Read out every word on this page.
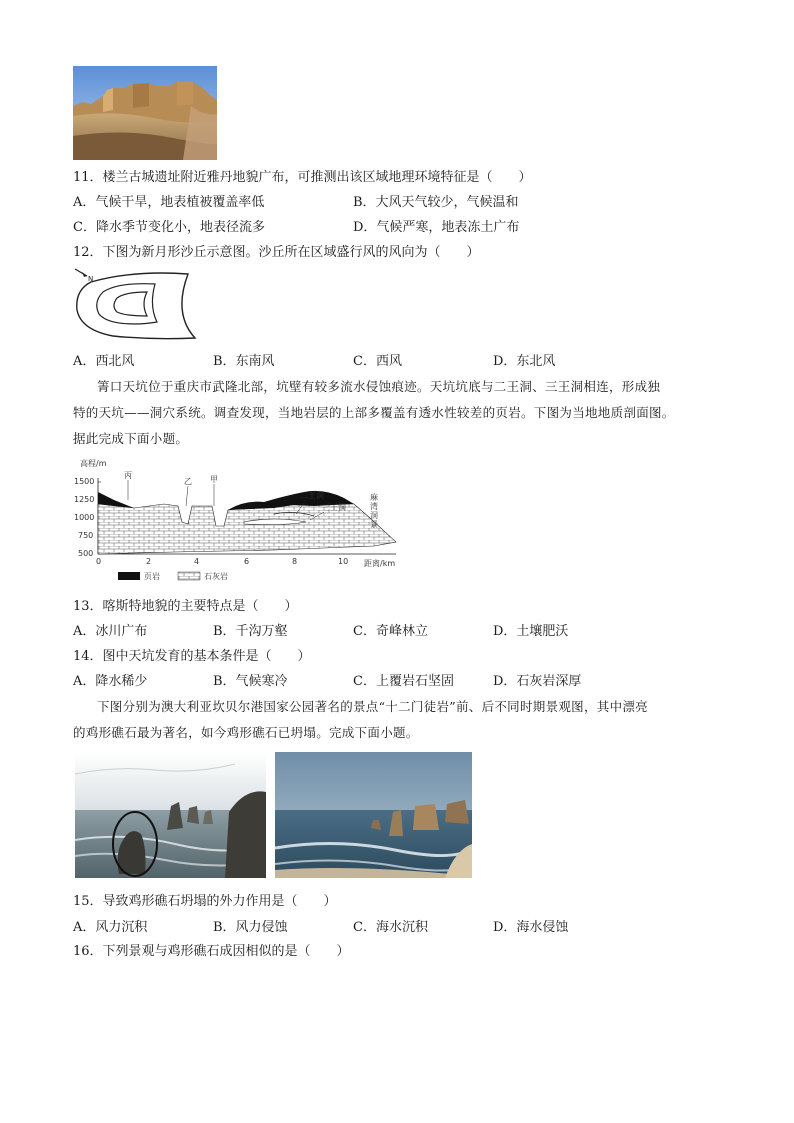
11．楼兰古城遗址附近雅丹地貌广布，可推测出该区域地理环境特征是（　　）
A．气候干旱，地表植被覆盖率低	B．大风天气较少，气候温和
C．降水季节变化小，地表径流多	D．气候严寒，地表冻土广布
12．下图为新月形沙丘示意图。沙丘所在区域盛行风的风向为（　　）
N
A．西北风	B．东南风	C．西风	D．东北风
箐口天坑位于重庆市武隆北部，坑壁有较多流水侵蚀痕迹。天坑坑底与二王洞、三王洞相连，形成独
特的天坑——洞穴系统。调查发现，当地岩层的上部多覆盖有透水性较差的页岩。下图为当地地质剖面图。
据此完成下面小题。
高程/m
1500
1250
1000
750
500
0	2	4	6	8	10 距离/km
丙
乙 甲
二王洞
三王洞
麻
湾
洞
景
页岩	石灰岩
13．喀斯特地貌的主要特点是（　　）
A．冰川广布	B．千沟万壑	C．奇峰林立	D．土壤肥沃
14．图中天坑发育的基本条件是（　　）
A．降水稀少	B．气候寒冷	C．上覆岩石坚固	D．石灰岩深厚
下图分别为澳大利亚坎贝尔港国家公园著名的景点“十二门徒岩”前、后不同时期景观图，其中漂亮
的鸡形礁石最为著名，如今鸡形礁石已坍塌。完成下面小题。
15．导致鸡形礁石坍塌的外力作用是（　　）
A．风力沉积	B．风力侵蚀	C．海水沉积	D．海水侵蚀
16．下列景观与鸡形礁石成因相似的是（　　）
